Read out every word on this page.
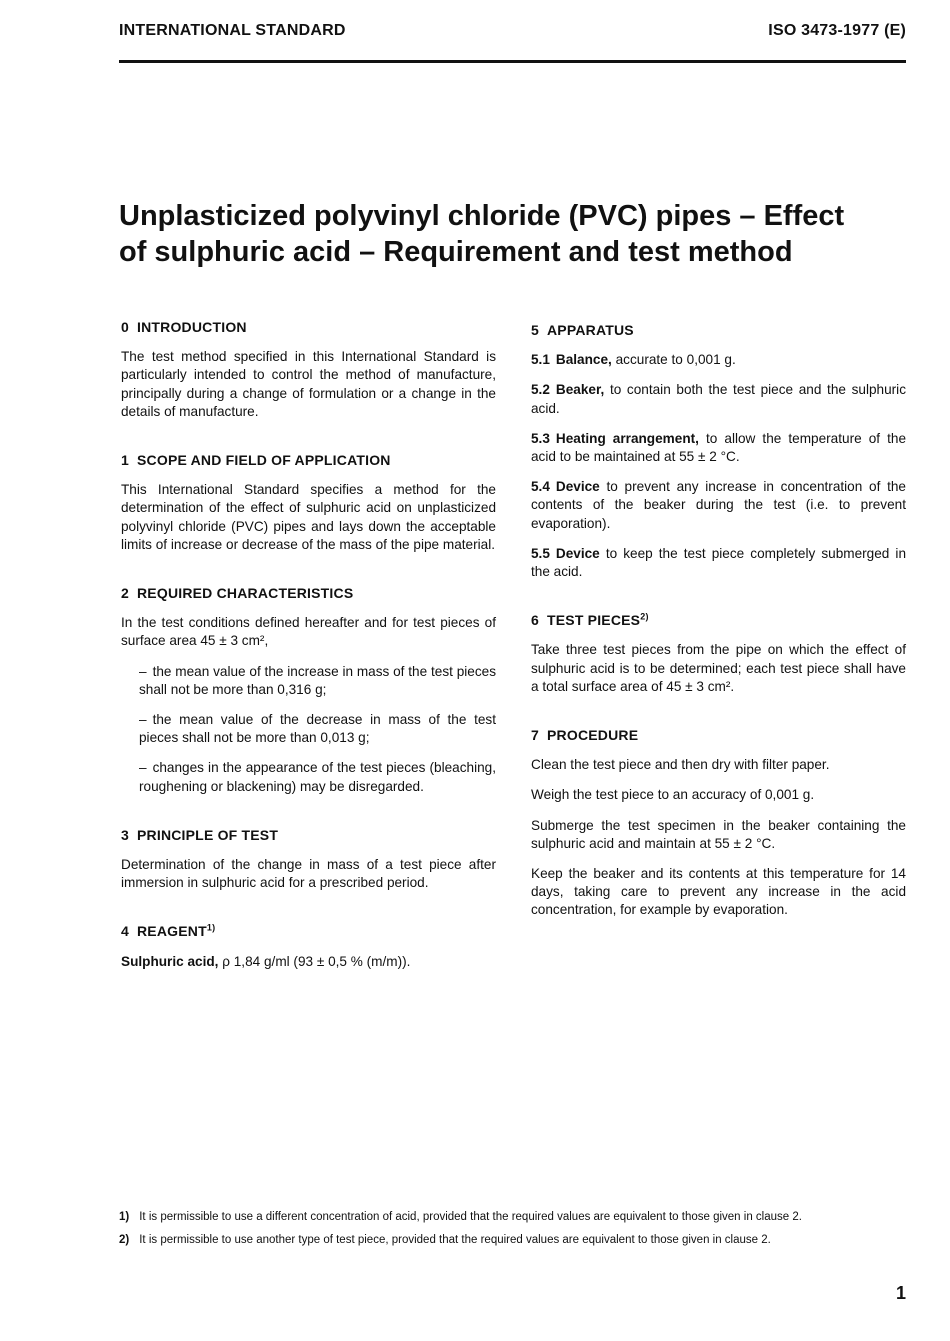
INTERNATIONAL STANDARD	ISO 3473-1977 (E)
Unplasticized polyvinyl chloride (PVC) pipes – Effect of sulphuric acid – Requirement and test method
0 INTRODUCTION

The test method specified in this International Standard is particularly intended to control the method of manufacture, principally during a change of formulation or a change in the details of manufacture.

1 SCOPE AND FIELD OF APPLICATION

This International Standard specifies a method for the determination of the effect of sulphuric acid on unplasticized polyvinyl chloride (PVC) pipes and lays down the acceptable limits of increase or decrease of the mass of the pipe material.

2 REQUIRED CHARACTERISTICS

In the test conditions defined hereafter and for test pieces of surface area 45 ± 3 cm²,

– the mean value of the increase in mass of the test pieces shall not be more than 0,316 g;

– the mean value of the decrease in mass of the test pieces shall not be more than 0,013 g;

– changes in the appearance of the test pieces (bleaching, roughening or blackening) may be disregarded.

3 PRINCIPLE OF TEST

Determination of the change in mass of a test piece after immersion in sulphuric acid for a prescribed period.

4 REAGENT$^{1)}$

Sulphuric acid, ρ 1,84 g/ml (93 ± 0,5 % (m/m)).

5 APPARATUS

5.1 Balance, accurate to 0,001 g.

5.2 Beaker, to contain both the test piece and the sulphuric acid.

5.3 Heating arrangement, to allow the temperature of the acid to be maintained at 55 ± 2 °C.

5.4 Device to prevent any increase in concentration of the contents of the beaker during the test (i.e. to prevent evaporation).

5.5 Device to keep the test piece completely submerged in the acid.

6 TEST PIECES$^{2)}$

Take three test pieces from the pipe on which the effect of sulphuric acid is to be determined; each test piece shall have a total surface area of 45 ± 3 cm².

7 PROCEDURE

Clean the test piece and then dry with filter paper.

Weigh the test piece to an accuracy of 0,001 g.

Submerge the test specimen in the beaker containing the sulphuric acid and maintain at 55 ± 2 °C.

Keep the beaker and its contents at this temperature for 14 days, taking care to prevent any increase in the acid concentration, for example by evaporation.

1) It is permissible to use a different concentration of acid, provided that the required values are equivalent to those given in clause 2.
2) It is permissible to use another type of test piece, provided that the required values are equivalent to those given in clause 2.
1
